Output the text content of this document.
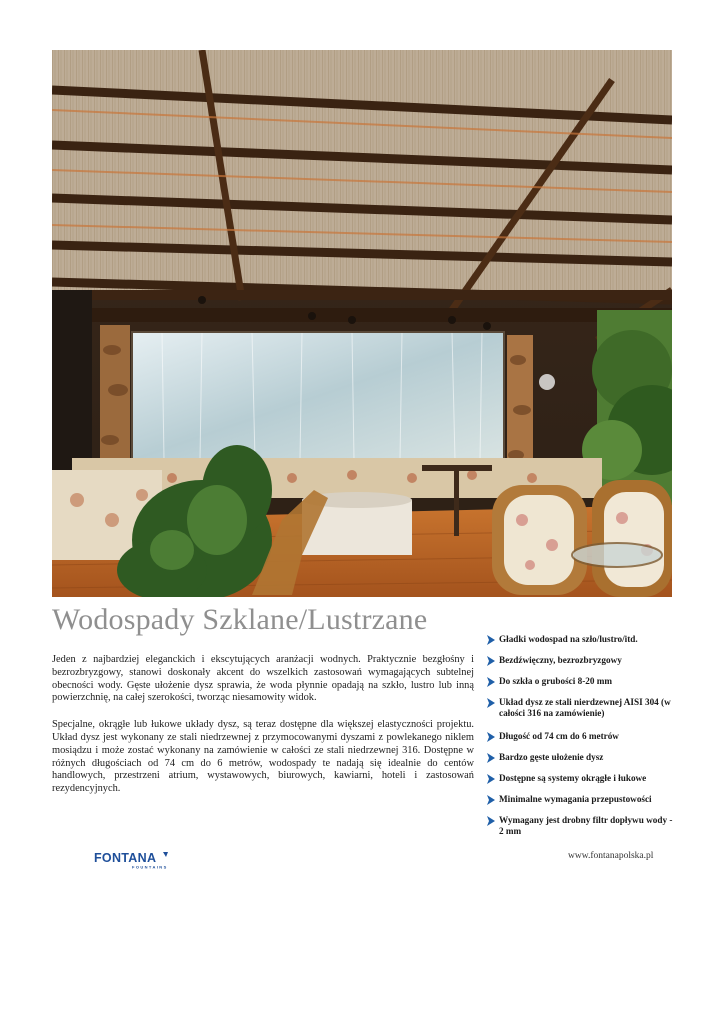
Wodospady Szklane/Lustrzane

Jeden z najbardziej eleganckich i ekscytujących aranżacji wodnych. Praktycznie bezgłośny i bezrozbryzgowy, stanowi doskonały akcent do wszelkich zastosowań wymagających subtelnej obecności wody. Gęste ułożenie dysz sprawia, że woda płynnie opadają na szkło, lustro lub inną powierzchnię, na całej szerokości, tworząc niesamowity widok.

Specjalne, okrągłe lub łukowe układy dysz, są teraz dostępne dla większej elastyczności projektu. Układ dysz jest wykonany ze stali niedrzewnej z przymocowanymi dyszami z powlekanego niklem mosiądzu i może zostać wykonany na zamówienie w całości ze stali niedrzewnej 316. Dostępne w różnych długościach od 74 cm do 6 metrów, wodospady te nadają się idealnie do centów handlowych, przestrzeni atrium, wystawowych, biurowych, kawiarni, hoteli i zastosowań rezydencyjnych.

Gładki wodospad na szło/lustro/itd.
Bezdźwięczny, bezrozbryzgowy
Do szkła o grubości 8-20 mm
Układ dysz ze stali nierdzewnej AISI 304 (w całości 316 na zamówienie)
Długość od 74 cm do 6 metrów
Bardzo gęste ułożenie dysz
Dostępne są systemy okrągłe i łukowe
Minimalne wymagania przepustowości
Wymagany jest drobny filtr dopływu wody - 2 mm
FONTANA
FOUNTAINS
www.fontanapolska.pl
